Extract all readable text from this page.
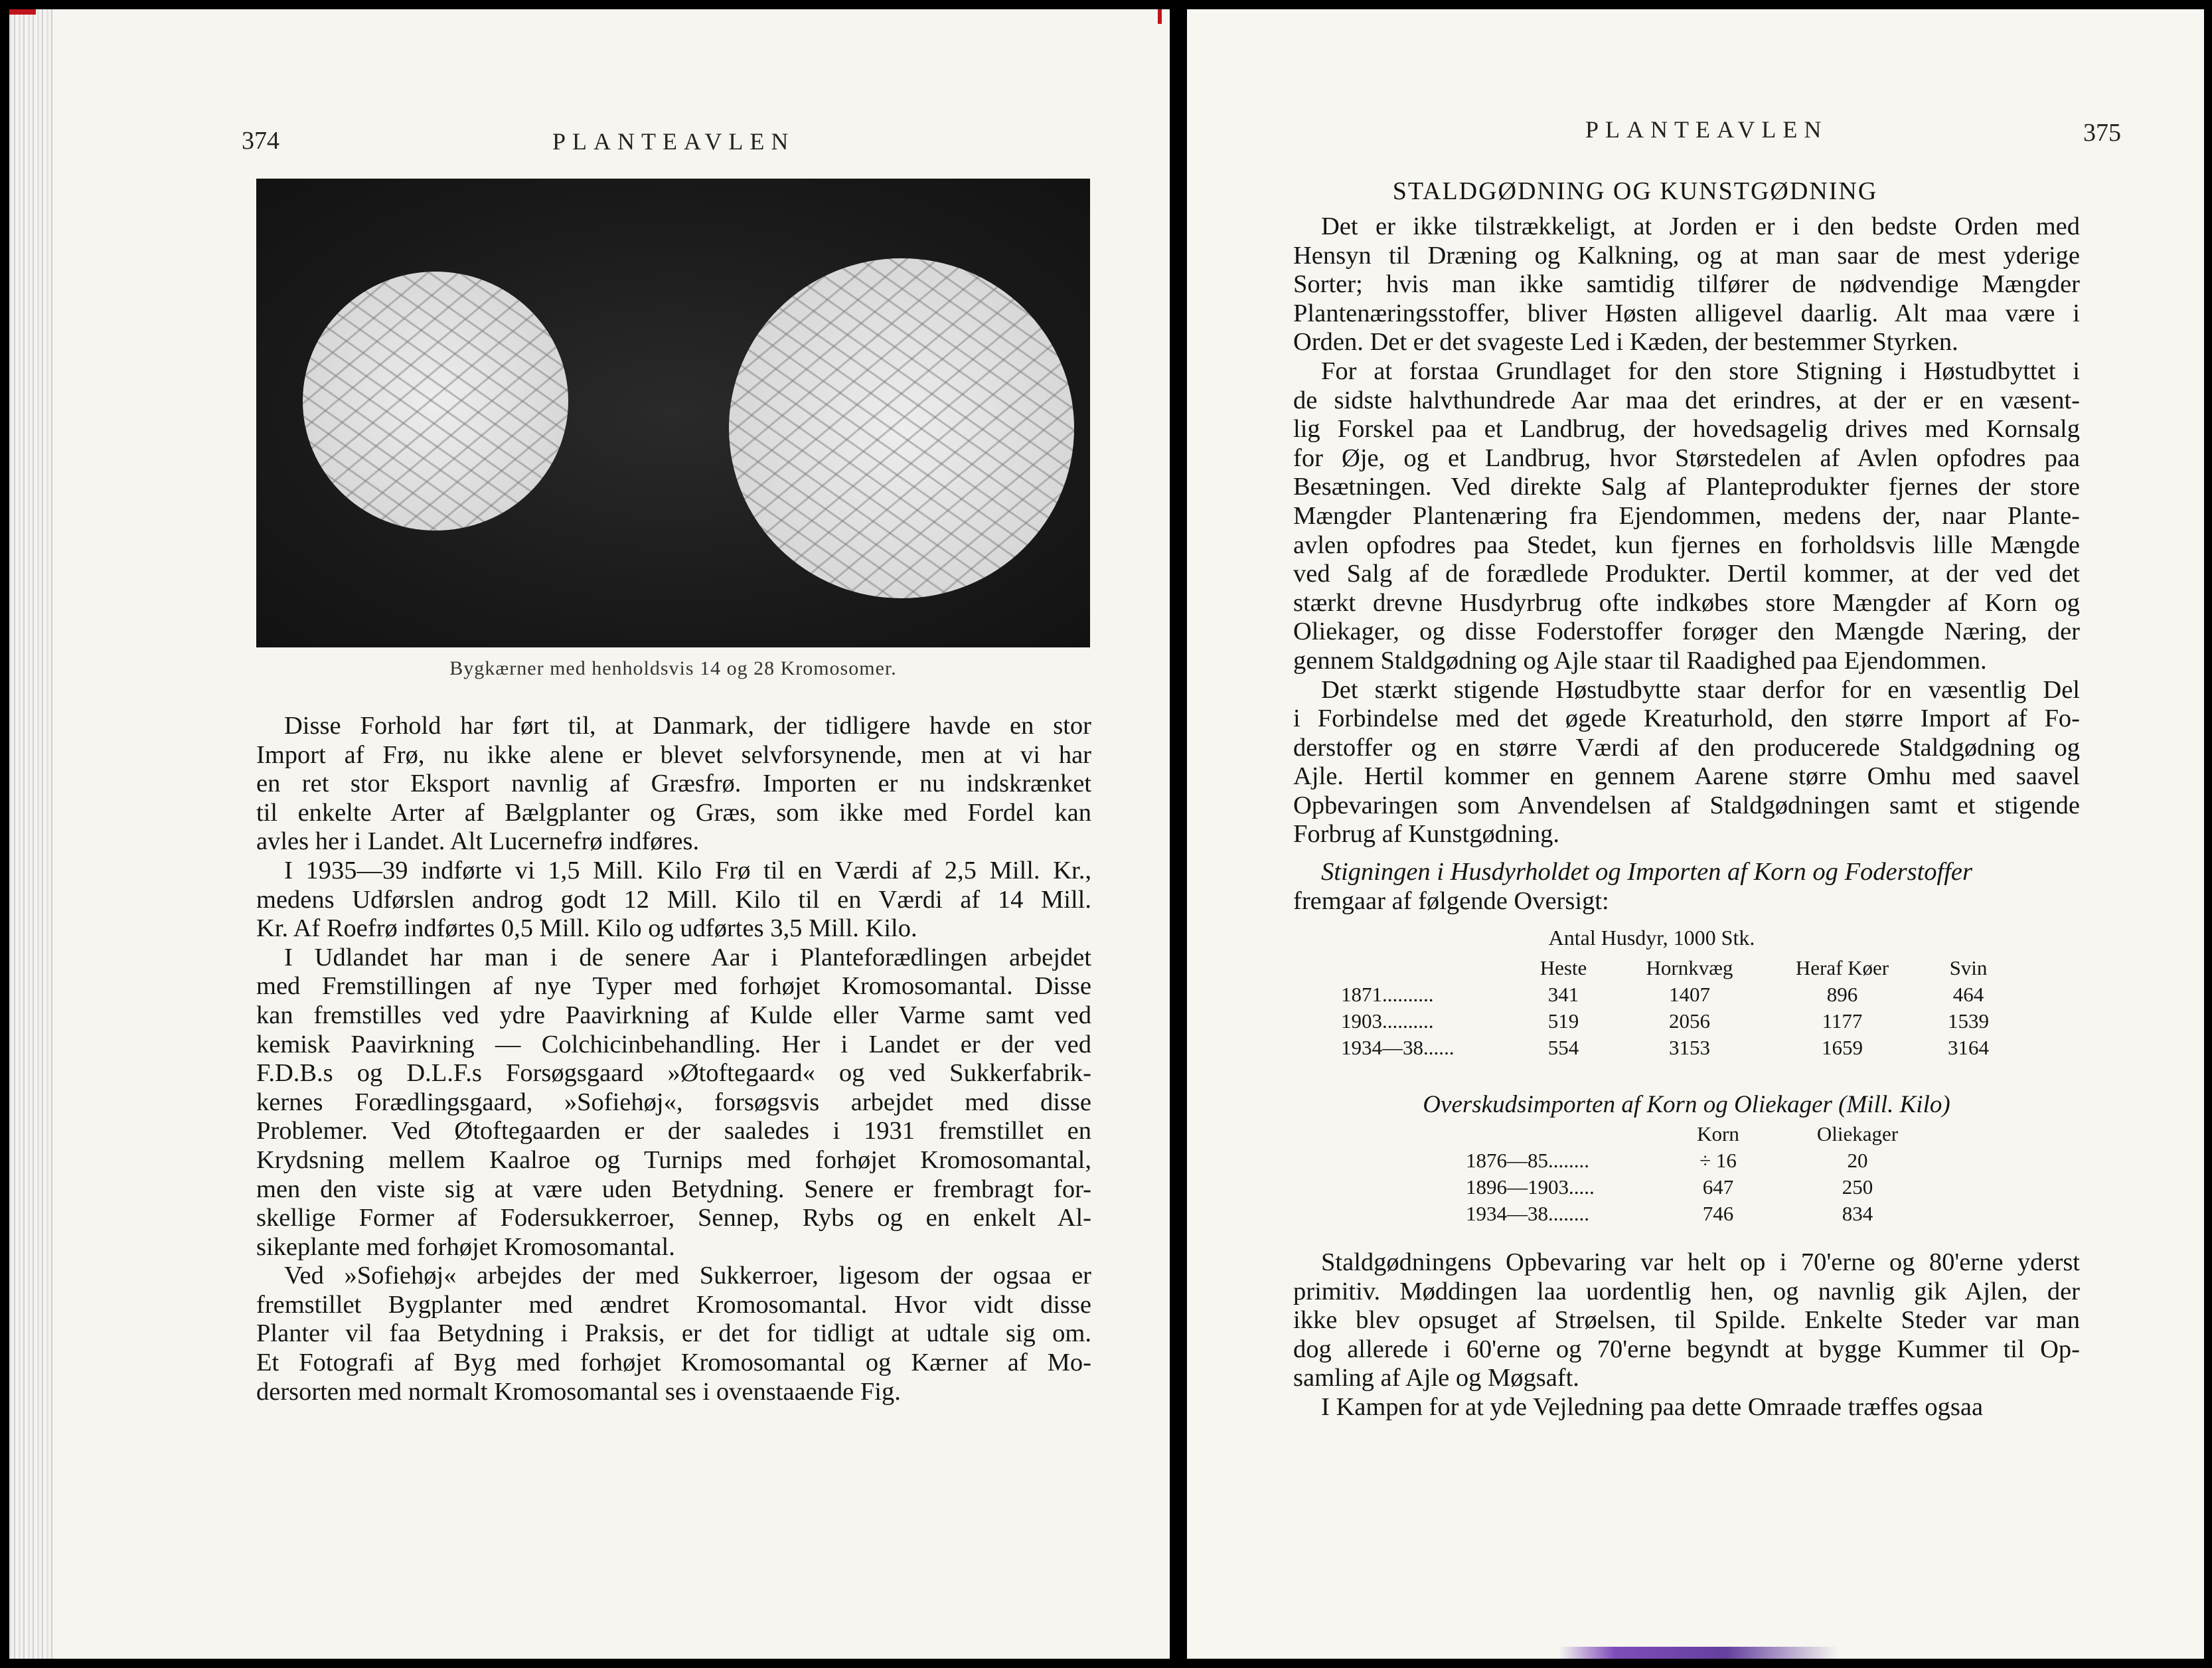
374	PLANTEAVLEN
Bygkærner med henholdsvis 14 og 28 Kromosomer.
Disse Forhold har ført til, at Danmark, der tidligere havde en stor
Import af Frø, nu ikke alene er blevet selvforsynende, men at vi har
en ret stor Eksport navnlig af Græsfrø. Importen er nu indskrænket
til enkelte Arter af Bælgplanter og Græs, som ikke med Fordel kan
avles her i Landet. Alt Lucernefrø indføres.
I 1935—39 indførte vi 1,5 Mill. Kilo Frø til en Værdi af 2,5 Mill. Kr.,
medens Udførslen androg godt 12 Mill. Kilo til en Værdi af 14 Mill.
Kr. Af Roefrø indførtes 0,5 Mill. Kilo og udførtes 3,5 Mill. Kilo.
I Udlandet har man i de senere Aar i Planteforædlingen arbejdet
med Fremstillingen af nye Typer med forhøjet Kromosomantal. Disse
kan fremstilles ved ydre Paavirkning af Kulde eller Varme samt ved
kemisk Paavirkning — Colchicinbehandling. Her i Landet er der ved
F.D.B.s og D.L.F.s Forsøgsgaard »Øtoftegaard« og ved Sukkerfabrik-
kernes Forædlingsgaard, »Sofiehøj«, forsøgsvis arbejdet med disse
Problemer. Ved Øtoftegaarden er der saaledes i 1931 fremstillet en
Krydsning mellem Kaalroe og Turnips med forhøjet Kromosomantal,
men den viste sig at være uden Betydning. Senere er frembragt for-
skellige Former af Fodersukkerroer, Sennep, Rybs og en enkelt Al-
sikeplante med forhøjet Kromosomantal.
Ved »Sofiehøj« arbejdes der med Sukkerroer, ligesom der ogsaa er
fremstillet Bygplanter med ændret Kromosomantal. Hvor vidt disse
Planter vil faa Betydning i Praksis, er det for tidligt at udtale sig om.
Et Fotografi af Byg med forhøjet Kromosomantal og Kærner af Mo-
dersorten med normalt Kromosomantal ses i ovenstaaende Fig.
PLANTEAVLEN	375
STALDGØDNING OG KUNSTGØDNING
Det er ikke tilstrækkeligt, at Jorden er i den bedste Orden med
Hensyn til Dræning og Kalkning, og at man saar de mest yderige
Sorter; hvis man ikke samtidig tilfører de nødvendige Mængder
Plantenæringsstoffer, bliver Høsten alligevel daarlig. Alt maa være i
Orden. Det er det svageste Led i Kæden, der bestemmer Styrken.
For at forstaa Grundlaget for den store Stigning i Høstudbyttet i
de sidste halvthundrede Aar maa det erindres, at der er en væsent-
lig Forskel paa et Landbrug, der hovedsagelig drives med Kornsalg
for Øje, og et Landbrug, hvor Størstedelen af Avlen opfodres paa
Besætningen. Ved direkte Salg af Planteprodukter fjernes der store
Mængder Plantenæring fra Ejendommen, medens der, naar Plante-
avlen opfodres paa Stedet, kun fjernes en forholdsvis lille Mængde
ved Salg af de forædlede Produkter. Dertil kommer, at der ved det
stærkt drevne Husdyrbrug ofte indkøbes store Mængder af Korn og
Oliekager, og disse Foderstoffer forøger den Mængde Næring, der
gennem Staldgødning og Ajle staar til Raadighed paa Ejendommen.
Det stærkt stigende Høstudbytte staar derfor for en væsentlig Del
i Forbindelse med det øgede Kreaturhold, den større Import af Fo-
derstoffer og en større Værdi af den producerede Staldgødning og
Ajle. Hertil kommer en gennem Aarene større Omhu med saavel
Opbevaringen som Anvendelsen af Staldgødningen samt et stigende
Forbrug af Kunstgødning.
Stigningen i Husdyrholdet og Importen af Korn og Foderstoffer
fremgaar af følgende Oversigt:
Antal Husdyr, 1000 Stk.
	Heste	Hornkvæg	Heraf Køer	Svin
1871..........	341	1407	896	464
1903..........	519	2056	1177	1539
1934—38......	554	3153	1659	3164
Overskudsimporten af Korn og Oliekager (Mill. Kilo)
	Korn	Oliekager
1876—85........	÷ 16	20
1896—1903.....	647	250
1934—38........	746	834
Staldgødningens Opbevaring var helt op i 70'erne og 80'erne yderst
primitiv. Møddingen laa uordentlig hen, og navnlig gik Ajlen, der
ikke blev opsuget af Strøelsen, til Spilde. Enkelte Steder var man
dog allerede i 60'erne og 70'erne begyndt at bygge Kummer til Op-
samling af Ajle og Møgsaft.
I Kampen for at yde Vejledning paa dette Omraade træffes ogsaa
